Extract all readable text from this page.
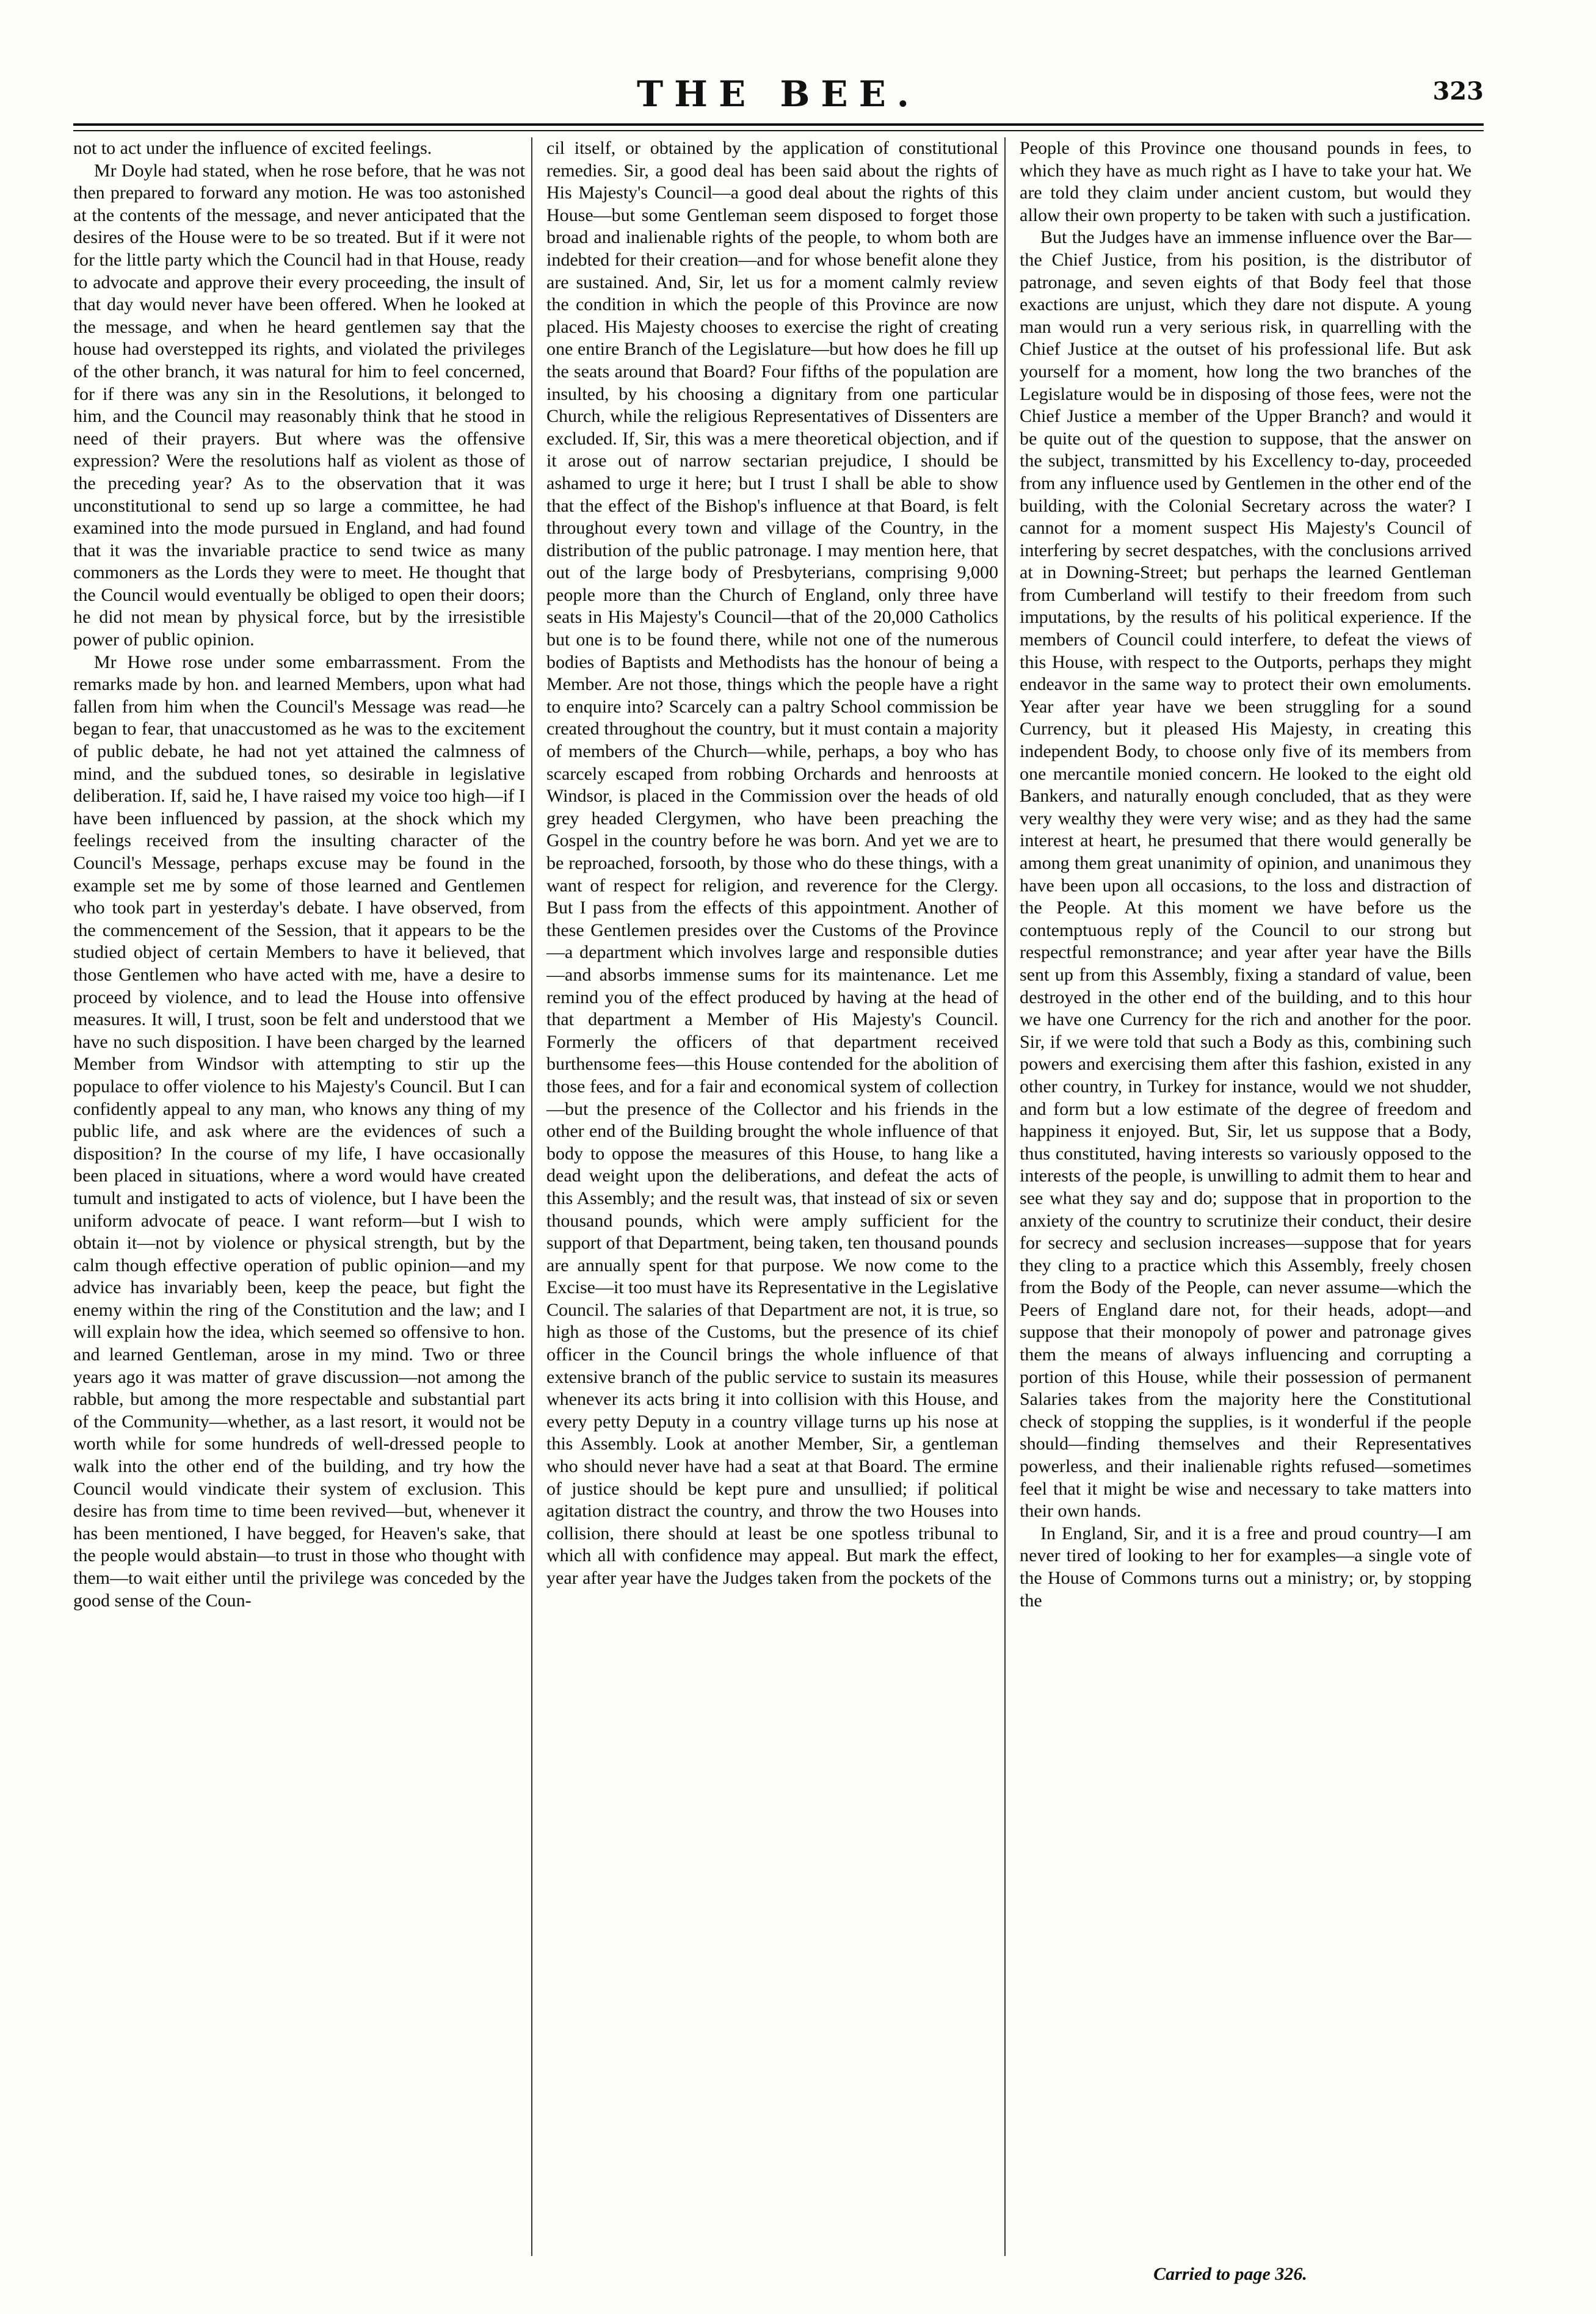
THE BEE.	323

not to act under the influence of excited feelings.

Mr Doyle had stated, when he rose before, that he was not then prepared to forward any motion. He was too astonished at the contents of the message, and never anticipated that the desires of the House were to be so treated. But if it were not for the little party which the Council had in that House, ready to advocate and approve their every proceeding, the insult of that day would never have been offered. When he looked at the message, and when he heard gentlemen say that the house had overstepped its rights, and violated the privileges of the other branch, it was natural for him to feel concerned, for if there was any sin in the Resolutions, it belonged to him, and the Council may reasonably think that he stood in need of their prayers. But where was the offensive expression? Were the resolutions half as violent as those of the preceding year? As to the observation that it was unconstitutional to send up so large a committee, he had examined into the mode pursued in England, and had found that it was the invariable practice to send twice as many commoners as the Lords they were to meet. He thought that the Council would eventually be obliged to open their doors; he did not mean by physical force, but by the irresistible power of public opinion.

Mr Howe rose under some embarrassment. From the remarks made by hon. and learned Members, upon what had fallen from him when the Council's Message was read—he began to fear, that unaccustomed as he was to the excitement of public debate, he had not yet attained the calmness of mind, and the subdued tones, so desirable in legislative deliberation. If, said he, I have raised my voice too high—if I have been influenced by passion, at the shock which my feelings received from the insulting character of the Council's Message, perhaps excuse may be found in the example set me by some of those learned and Gentlemen who took part in yesterday's debate. I have observed, from the commencement of the Session, that it appears to be the studied object of certain Members to have it believed, that those Gentlemen who have acted with me, have a desire to proceed by violence, and to lead the House into offensive measures. It will, I trust, soon be felt and understood that we have no such disposition. I have been charged by the learned Member from Windsor with attempting to stir up the populace to offer violence to his Majesty's Council. But I can confidently appeal to any man, who knows any thing of my public life, and ask where are the evidences of such a disposition? In the course of my life, I have occasionally been placed in situations, where a word would have created tumult and instigated to acts of violence, but I have been the uniform advocate of peace. I want reform—but I wish to obtain it—not by violence or physical strength, but by the calm though effective operation of public opinion—and my advice has invariably been, keep the peace, but fight the enemy within the ring of the Constitution and the law; and I will explain how the idea, which seemed so offensive to hon. and learned Gentleman, arose in my mind. Two or three years ago it was matter of grave discussion—not among the rabble, but among the more respectable and substantial part of the Community—whether, as a last resort, it would not be worth while for some hundreds of well-dressed people to walk into the other end of the building, and try how the Council would vindicate their system of exclusion. This desire has from time to time been revived—but, whenever it has been mentioned, I have begged, for Heaven's sake, that the people would abstain—to trust in those who thought with them—to wait either until the privilege was conceded by the good sense of the Coun-

cil itself, or obtained by the application of constitutional remedies. Sir, a good deal has been said about the rights of His Majesty's Council—a good deal about the rights of this House—but some Gentleman seem disposed to forget those broad and inalienable rights of the people, to whom both are indebted for their creation—and for whose benefit alone they are sustained. And, Sir, let us for a moment calmly review the condition in which the people of this Province are now placed. His Majesty chooses to exercise the right of creating one entire Branch of the Legislature—but how does he fill up the seats around that Board? Four fifths of the population are insulted, by his choosing a dignitary from one particular Church, while the religious Representatives of Dissenters are excluded. If, Sir, this was a mere theoretical objection, and if it arose out of narrow sectarian prejudice, I should be ashamed to urge it here; but I trust I shall be able to show that the effect of the Bishop's influence at that Board, is felt throughout every town and village of the Country, in the distribution of the public patronage. I may mention here, that out of the large body of Presbyterians, comprising 9,000 people more than the Church of England, only three have seats in His Majesty's Council—that of the 20,000 Catholics but one is to be found there, while not one of the numerous bodies of Baptists and Methodists has the honour of being a Member. Are not those, things which the people have a right to enquire into? Scarcely can a paltry School commission be created throughout the country, but it must contain a majority of members of the Church—while, perhaps, a boy who has scarcely escaped from robbing Orchards and henroosts at Windsor, is placed in the Commission over the heads of old grey headed Clergymen, who have been preaching the Gospel in the country before he was born. And yet we are to be reproached, forsooth, by those who do these things, with a want of respect for religion, and reverence for the Clergy. But I pass from the effects of this appointment. Another of these Gentlemen presides over the Customs of the Province—a department which involves large and responsible duties—and absorbs immense sums for its maintenance. Let me remind you of the effect produced by having at the head of that department a Member of His Majesty's Council. Formerly the officers of that department received burthensome fees—this House contended for the abolition of those fees, and for a fair and economical system of collection—but the presence of the Collector and his friends in the other end of the Building brought the whole influence of that body to oppose the measures of this House, to hang like a dead weight upon the deliberations, and defeat the acts of this Assembly; and the result was, that instead of six or seven thousand pounds, which were amply sufficient for the support of that Department, being taken, ten thousand pounds are annually spent for that purpose. We now come to the Excise—it too must have its Representative in the Legislative Council. The salaries of that Department are not, it is true, so high as those of the Customs, but the presence of its chief officer in the Council brings the whole influence of that extensive branch of the public service to sustain its measures whenever its acts bring it into collision with this House, and every petty Deputy in a country village turns up his nose at this Assembly. Look at another Member, Sir, a gentleman who should never have had a seat at that Board. The ermine of justice should be kept pure and unsullied; if political agitation distract the country, and throw the two Houses into collision, there should at least be one spotless tribunal to which all with confidence may appeal. But mark the effect, year after year have the Judges taken from the pockets of the

People of this Province one thousand pounds in fees, to which they have as much right as I have to take your hat. We are told they claim under ancient custom, but would they allow their own property to be taken with such a justification.

But the Judges have an immense influence over the Bar—the Chief Justice, from his position, is the distributor of patronage, and seven eights of that Body feel that those exactions are unjust, which they dare not dispute. A young man would run a very serious risk, in quarrelling with the Chief Justice at the outset of his professional life. But ask yourself for a moment, how long the two branches of the Legislature would be in disposing of those fees, were not the Chief Justice a member of the Upper Branch? and would it be quite out of the question to suppose, that the answer on the subject, transmitted by his Excellency to-day, proceeded from any influence used by Gentlemen in the other end of the building, with the Colonial Secretary across the water? I cannot for a moment suspect His Majesty's Council of interfering by secret despatches, with the conclusions arrived at in Downing-Street; but perhaps the learned Gentleman from Cumberland will testify to their freedom from such imputations, by the results of his political experience. If the members of Council could interfere, to defeat the views of this House, with respect to the Outports, perhaps they might endeavor in the same way to protect their own emoluments. Year after year have we been struggling for a sound Currency, but it pleased His Majesty, in creating this independent Body, to choose only five of its members from one mercantile monied concern. He looked to the eight old Bankers, and naturally enough concluded, that as they were very wealthy they were very wise; and as they had the same interest at heart, he presumed that there would generally be among them great unanimity of opinion, and unanimous they have been upon all occasions, to the loss and distraction of the People. At this moment we have before us the contemptuous reply of the Council to our strong but respectful remonstrance; and year after year have the Bills sent up from this Assembly, fixing a standard of value, been destroyed in the other end of the building, and to this hour we have one Currency for the rich and another for the poor. Sir, if we were told that such a Body as this, combining such powers and exercising them after this fashion, existed in any other country, in Turkey for instance, would we not shudder, and form but a low estimate of the degree of freedom and happiness it enjoyed. But, Sir, let us suppose that a Body, thus constituted, having interests so variously opposed to the interests of the people, is unwilling to admit them to hear and see what they say and do; suppose that in proportion to the anxiety of the country to scrutinize their conduct, their desire for secrecy and seclusion increases—suppose that for years they cling to a practice which this Assembly, freely chosen from the Body of the People, can never assume—which the Peers of England dare not, for their heads, adopt—and suppose that their monopoly of power and patronage gives them the means of always influencing and corrupting a portion of this House, while their possession of permanent Salaries takes from the majority here the Constitutional check of stopping the supplies, is it wonderful if the people should—finding themselves and their Representatives powerless, and their inalienable rights refused—sometimes feel that it might be wise and necessary to take matters into their own hands.

In England, Sir, and it is a free and proud country—I am never tired of looking to her for examples—a single vote of the House of Commons turns out a ministry; or, by stopping the

Carried to page 326.
